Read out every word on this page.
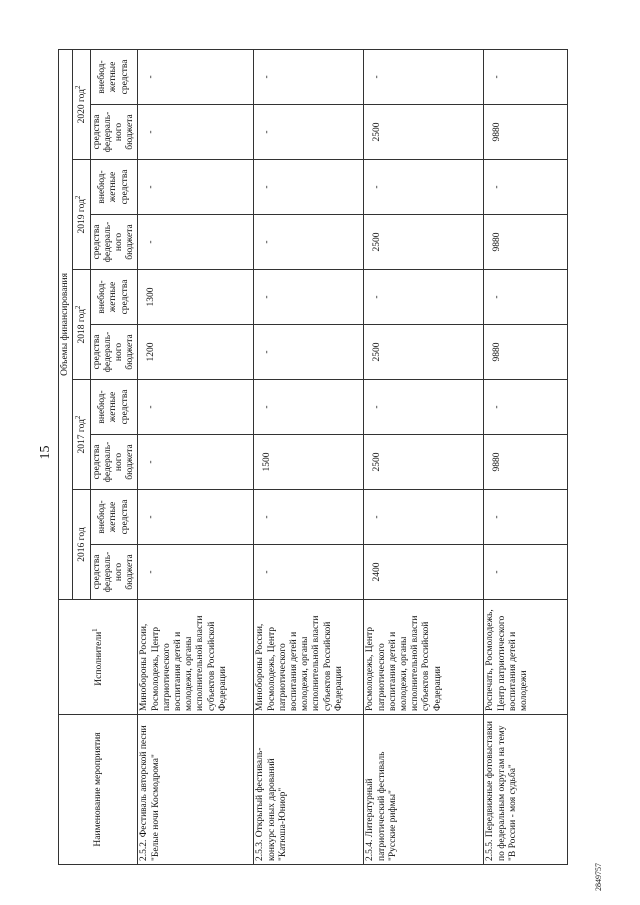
15
Наименование мероприятия	Исполнители$^1$	Объемы финансирования									
		2016 год		2017 год$^2$		2018 год$^2$		2019 год$^2$		2020 год$^2$
		средства федераль-ного бюджета	внебюд-жетные средства	средства федераль-ного бюджета	внебюд-жетные средства	средства федераль-ного бюджета	внебюд-жетные средства	средства федераль-ного бюджета	внебюд-жетные средства	средства федераль-ного бюджета	внебюд-жетные средства
2.5.2. Фестиваль авторской песни "Белые ночи Космодрома"	Минобороны России, Росмолодежь, Центр патриотического воспитания детей и молодежи, органы исполнительной власти субъектов Российской Федерации	-	-	-	-	1200	1300	-	-	-	-
2.5.3. Открытый фестиваль-конкурс юных дарований "Катюша-Юниор"	Минобороны России, Росмолодежь, Центр патриотического воспитания детей и молодежи, органы исполнительной власти субъектов Российской Федерации	-	-	1500	-	-	-	-	-	-	-
2.5.4. Литературный патриотический фестиваль "Русские рифмы"	Росмолодежь, Центр патриотического воспитания детей и молодежи, органы исполнительной власти субъектов Российской Федерации	2400	-	2500	-	2500	-	2500	-	2500	-
2.5.5. Передвижные фотовыставки по федеральным округам на тему "В России - моя судьба"	Роспечать, Росмолодежь, Центр патриотического воспитания детей и молодежи	-	-	9880	-	9880	-	9880	-	9880	-
2849757
